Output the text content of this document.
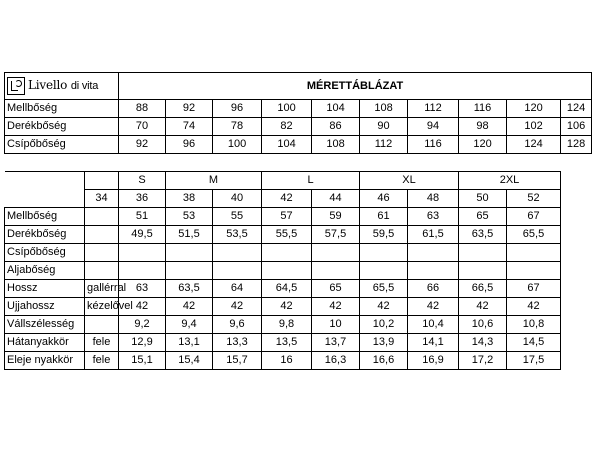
Livello di vita		MÉRETTÁBLÁZAT									
Mellbőség		88	92	96	100	104	108	112	116	120	124
Derékbőség		70	74	78	82	86	90	94	98	102	106
Csípőbőség		92	96	100	104	108	112	116	120	124	128

		S	M		L		XL		2XL		
	34	36	38	40	42	44	46	48	50	52	
Mellbőség		51	53	55	57	59	61	63	65	67	
Derékbőség		49,5	51,5	53,5	55,5	57,5	59,5	61,5	63,5	65,5	
Csípőbőség											
Aljabőség											
Hossz	gallérral	63	63,5	64	64,5	65	65,5	66	66,5	67	
Ujjahossz	kézelővel	42	42	42	42	42	42	42	42	42	
Vállszélesség		9,2	9,4	9,6	9,8	10	10,2	10,4	10,6	10,8	
Hátanyakkör	fele	12,9	13,1	13,3	13,5	13,7	13,9	14,1	14,3	14,5	
Eleje nyakkör	fele	15,1	15,4	15,7	16	16,3	16,6	16,9	17,2	17,5	
